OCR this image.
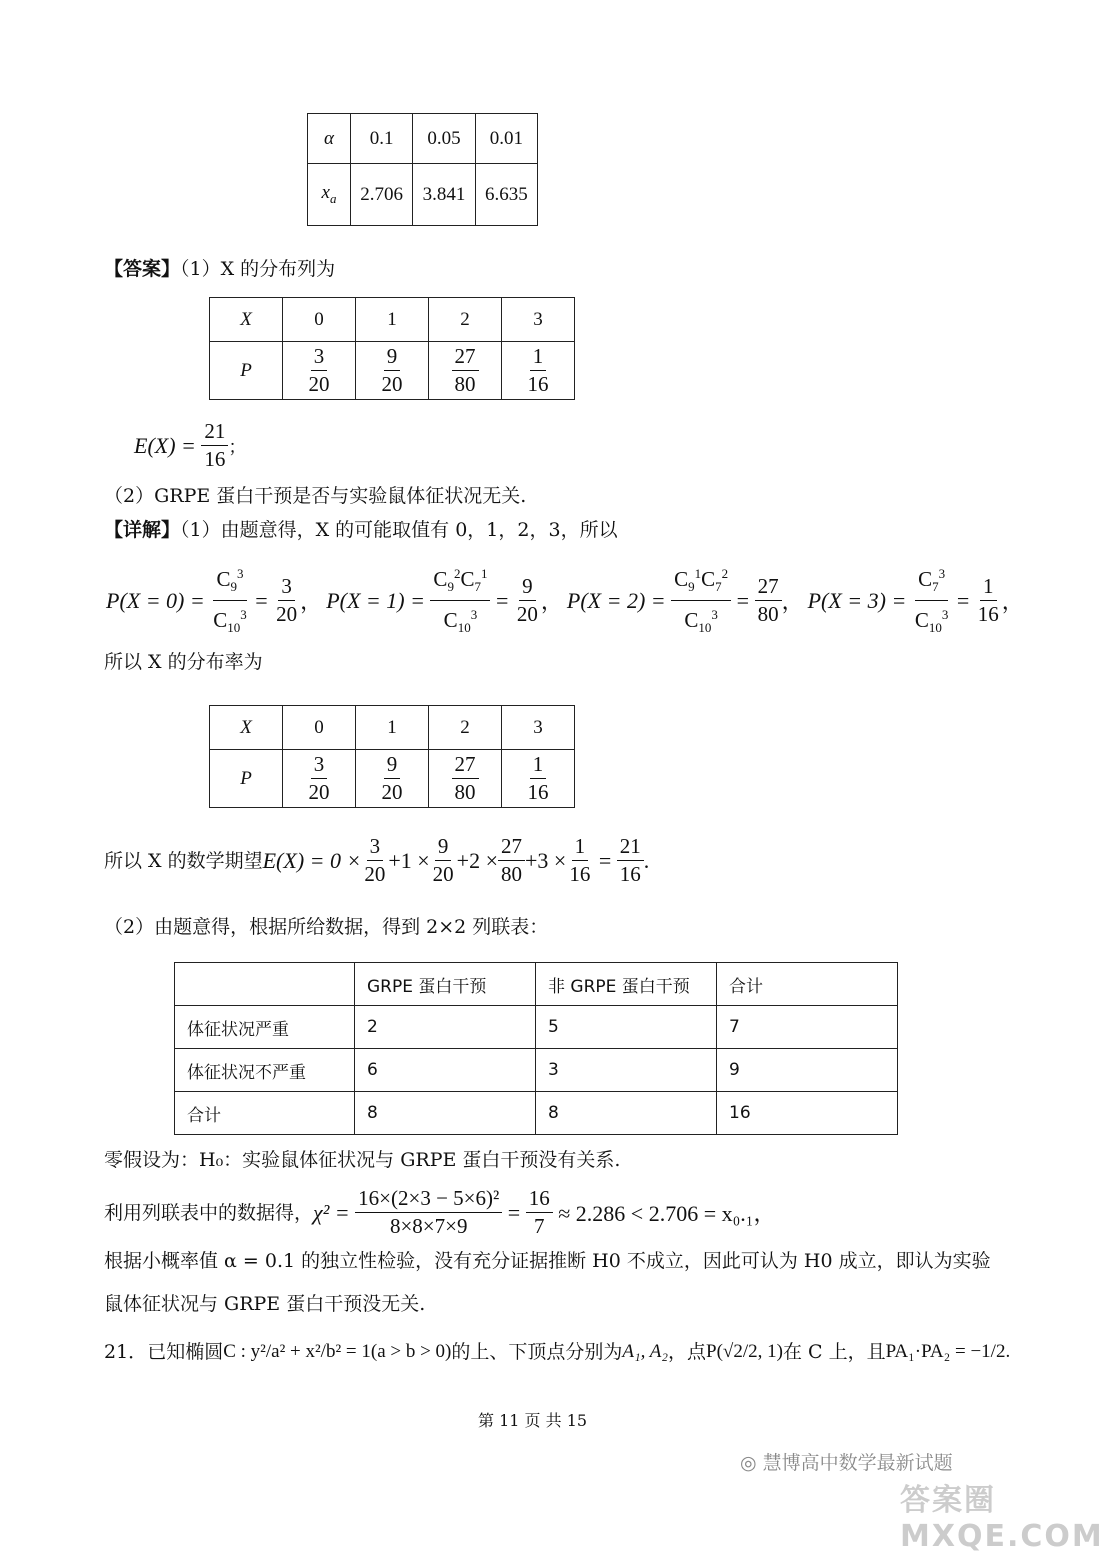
α	0.1	0.05	0.01
$x_a$	2.706	3.841	6.635
【答案】（1）X 的分布列为
X	0	1	2	3
P	$\frac{3}{20}$	$\frac{9}{20}$	$\frac{27}{80}$	$\frac{1}{16}$
E(X) =
$\frac{21}{16}$ ；
（2）GRPE 蛋白干预是否与实验鼠体征状况无关.
【详解】（1）由题意得，X 的可能取值有 0，1，2，3，所以
P(X = 0) =
$\frac{C_9^3}{C_{10}^3} = \frac{3}{20}$ ， P(X = 1) =
$\frac{C_9^2C_7^1}{C_{10}^3} = \frac{9}{20}$ ， P(X = 2) =
$\frac{C_9^1C_7^2}{C_{10}^3} = \frac{27}{80}$ ， P(X = 3) =
$\frac{C_7^3}{C_{10}^3} = \frac{1}{16}$ ，
所以 X 的分布率为
X	0	1	2	3
P	$\frac{3}{20}$	$\frac{9}{20}$	$\frac{27}{80}$	$\frac{1}{16}$
所以 X 的数学期望 $E(X) = 0 \times \frac{3}{20} +1 \times \frac{9}{20} +2 \times \frac{27}{80} +3 \times \frac{1}{16}$
=
$\frac{21}{16}$ .
（2）由题意得，根据所给数据，得到 2×2 列联表：
	GRPE 蛋白干预	非 GRPE 蛋白干预	合计
体征状况严重	2	5	7
体征状况不严重	6	3	9
合计	8	8	16
零假设为：H₀：实验鼠体征状况与 GRPE 蛋白干预没有关系.
利用列联表中的数据得， χ² =
$\frac{\text{16×(2×3 − 5×6)²}}{8\times 8\times 7\times 9}$
=
$\frac{16}{7}$
≈ 2.286 < 2.706 = x₀.₁，
根据小概率值 α = 0.1 的独立性检验，没有充分证据推断 H0 不成立，因此可认为 H0 成立，即认为实验
鼠体征状况与 GRPE 蛋白干预没无关.
21． 已知椭圆 C : y²/a² + x²/b² = 1(a > b > 0) 的上、下顶点分别为 A₁, A₂ ，点 P(√2/2, 1) 在 C 上，且 PA₁·PA₂ = −1/2.
第 11 页 共 15
◎ 慧博高中数学最新试题
答案圈 MXQE.COM
